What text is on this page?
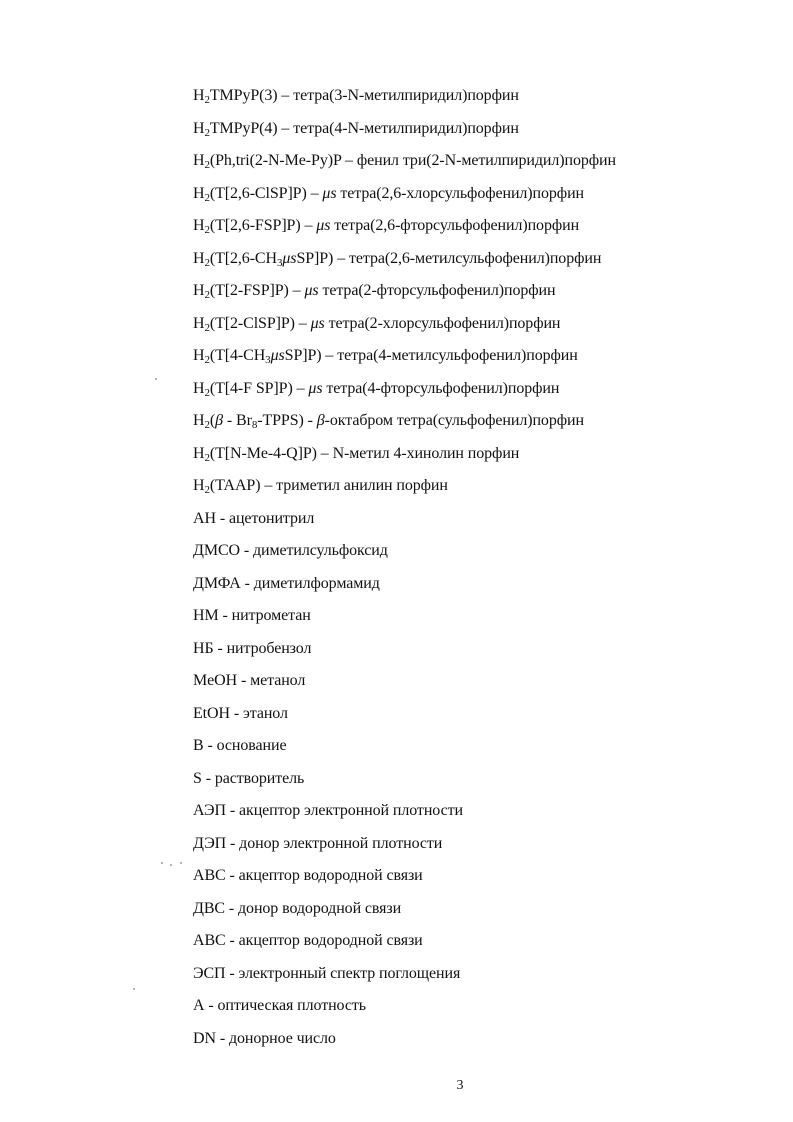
$H_2TMPyP(3)$ – тетра(3-N-метилпиридил)порфин
$H_2TMPyP(4)$ – тетра(4-N-метилпиридил)порфин
$H_2(Ph,tri(2-N-Me-Py)P$ – фенил три(2-N-метилпиридил)порфин
$H_2(T[2,6-ClSP]P)$ – μs тетра(2,6-хлорсульфофенил)порфин
$H_2(T[2,6-FSP]P)$ – μs тетра(2,6-фторсульфофенил)порфин
$H_2(T[2,6-CH_3\mu sSP]P)$ – тетра(2,6-метилсульфофенил)порфин
$H_2(T[2-FSP]P)$ – μs тетра(2-фторсульфофенил)порфин
$H_2(T[2-ClSP]P)$ – μs тетра(2-хлорсульфофенил)порфин
$H_2(T[4-CH_3\mu sSP]P)$ – тетра(4-метилсульфофенил)порфин
$H_2(T[4-F$ SP]P) – μs тетра(4-фторсульфофенил)порфин
$H_2(\beta$ - $Br_8-TPPS$) - β-октабром тетра(сульфофенил)порфин
$H_2(T[N-Me-4-Q]P)$ – N-метил 4-хинолин порфин
$H_2(TAAP)$ – триметил анилин порфин
АН - ацетонитрил
ДМСО - диметилсульфоксид
ДМФА - диметилформамид
НМ - нитрометан
НБ - нитробензол
MeOH - метанол
EtOH - этанол
В - основание
S - растворитель
АЭП - акцептор электронной плотности
ДЭП - донор электронной плотности
АВС - акцептор водородной связи
ДВС - донор водородной связи
АВС - акцептор водородной связи
ЭСП - электронный спектр поглощения
А - оптическая плотность
DN - донорное число
3
